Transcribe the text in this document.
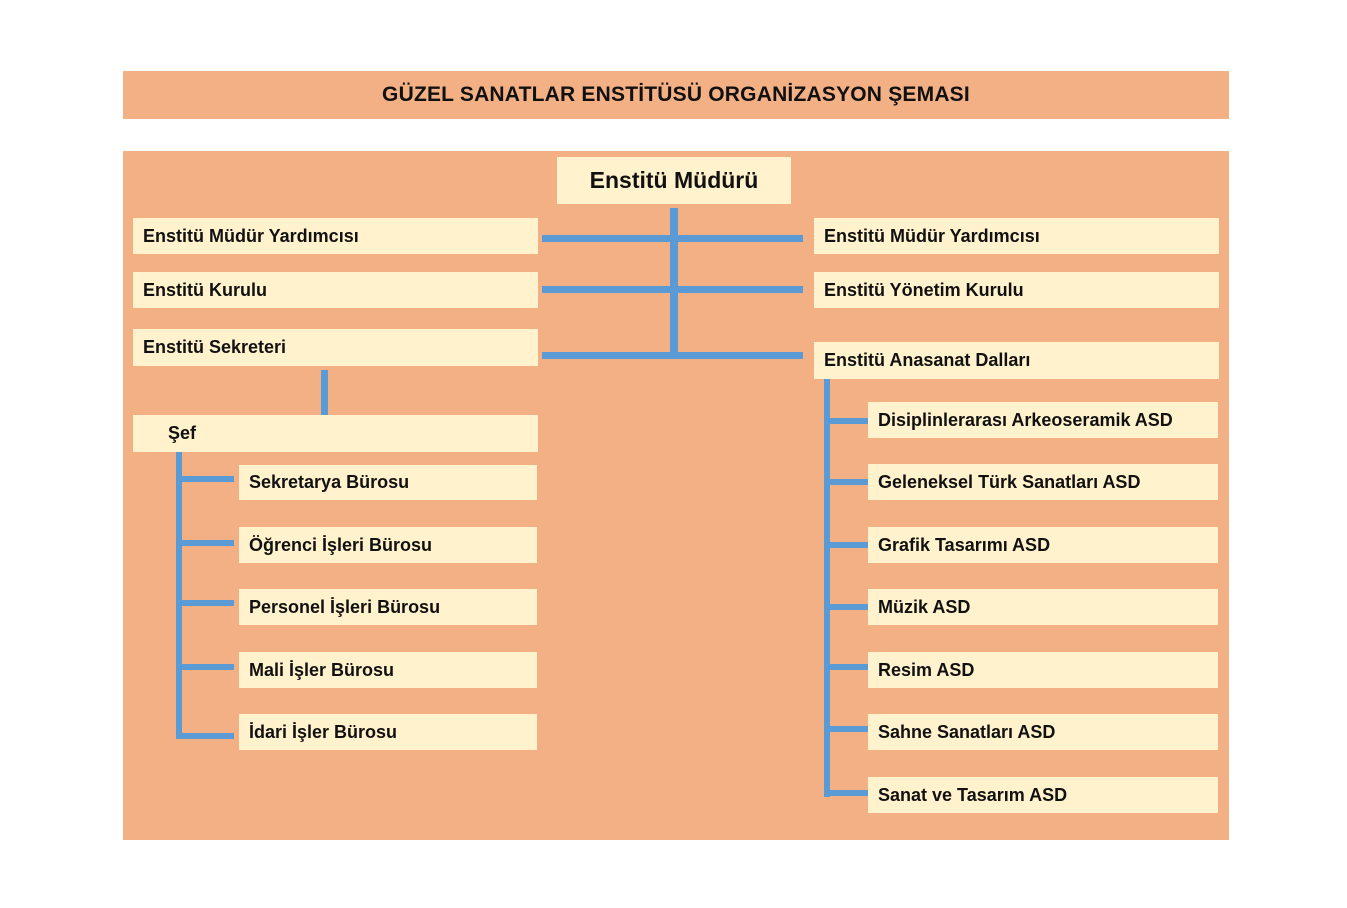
GÜZEL SANATLAR ENSTİTÜSÜ ORGANİZASYON ŞEMASI
Enstitü Müdürü
Enstitü Müdür Yardımcısı
Enstitü Kurulu
Enstitü Sekreteri
Enstitü Müdür Yardımcısı
Enstitü Yönetim Kurulu
Enstitü Anasanat Dalları
Şef
Sekretarya Bürosu
Öğrenci İşleri Bürosu
Personel İşleri Bürosu
Mali İşler Bürosu
İdari İşler Bürosu
Disiplinlerarası Arkeoseramik ASD
Geleneksel Türk Sanatları ASD
Grafik Tasarımı ASD
Müzik ASD
Resim ASD
Sahne Sanatları ASD
Sanat ve Tasarım ASD
